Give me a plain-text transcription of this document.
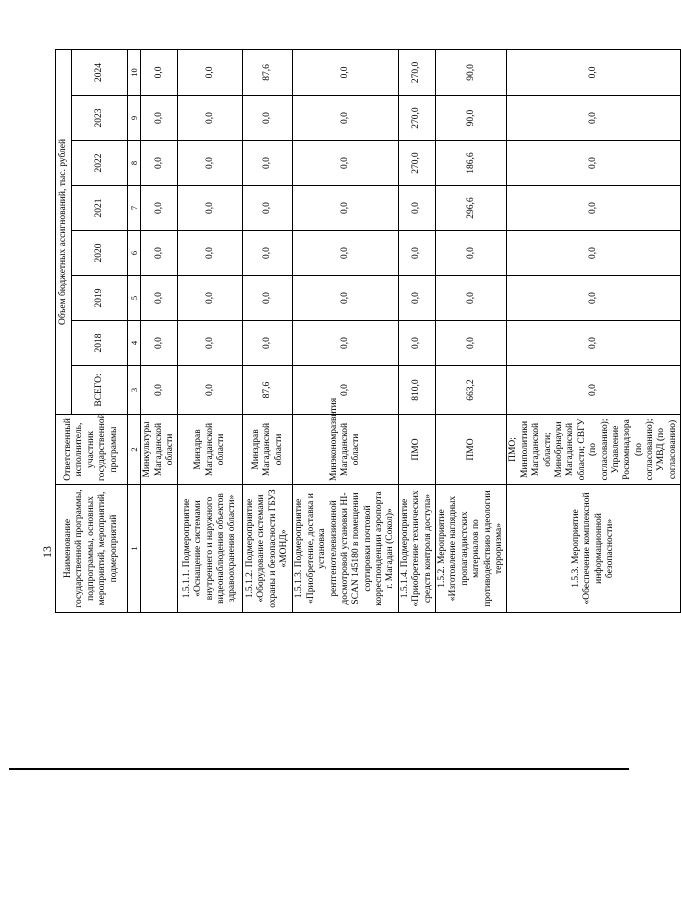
13 Наименование государственной программы, подпрограммы, основных мероприятий, мероприятий, подмероприятий	Ответственный исполнитель, участник государственной программы	Объем бюджетных ассигнований, тыс. рублей							
		ВСЕГО:	2018	2019	2020	2021	2022	2023	2024
1	2	3	4	5	6	7	8	9	10
	Минкультуры Магаданской области	0,0	0,0	0,0	0,0	0,0	0,0	0,0	0,0
1.5.1.1. Подмероприятие «Оснащение системами внутреннего и наружного видеонаблюдения объектов здравоохранения области»	Минздрав Магаданской области	0,0	0,0	0,0	0,0	0,0	0,0	0,0	0,0
1.5.1.2. Подмероприятие «Оборудование системами охраны и безопасности ГБУЗ «МОНД»	Минздрав Магаданской области	87,6	0,0	0,0	0,0	0,0	0,0	0,0	87,6
1.5.1.3. Подмероприятие «Приобретение, доставка и установка рентгенотелевизионной досмотровой установки HI-SCAN 145180 в помещении сортировки почтовой корреспонденции аэропорта г. Магадан (Сокол)»	Минэкономразвития Магаданской области	0,0	0,0	0,0	0,0	0,0	0,0	0,0	0,0
1.5.1.4. Подмероприятие «Приобретение технических средств контроля доступа»	ПМО	810,0	0,0	0,0	0,0	0,0	270,0	270,0	270,0
1.5.2. Мероприятие «Изготовление наглядных пропагандистских материалов по противодействию идеологии терроризма»	ПМО	663,2	0,0	0,0	0,0	296,6	186,6	90,0	90,0
1.5.3. Мероприятие «Обеспечение комплексной информационной безопасности»	ПМО; Минполитики Магаданской области; Минобрнауки Магаданской области; СВГУ (по согласованию); Управление Роскомнадзора (по согласованию); УМВД (по согласованию)	0,0	0,0	0,0	0,0	0,0	0,0	0,0	0,0
